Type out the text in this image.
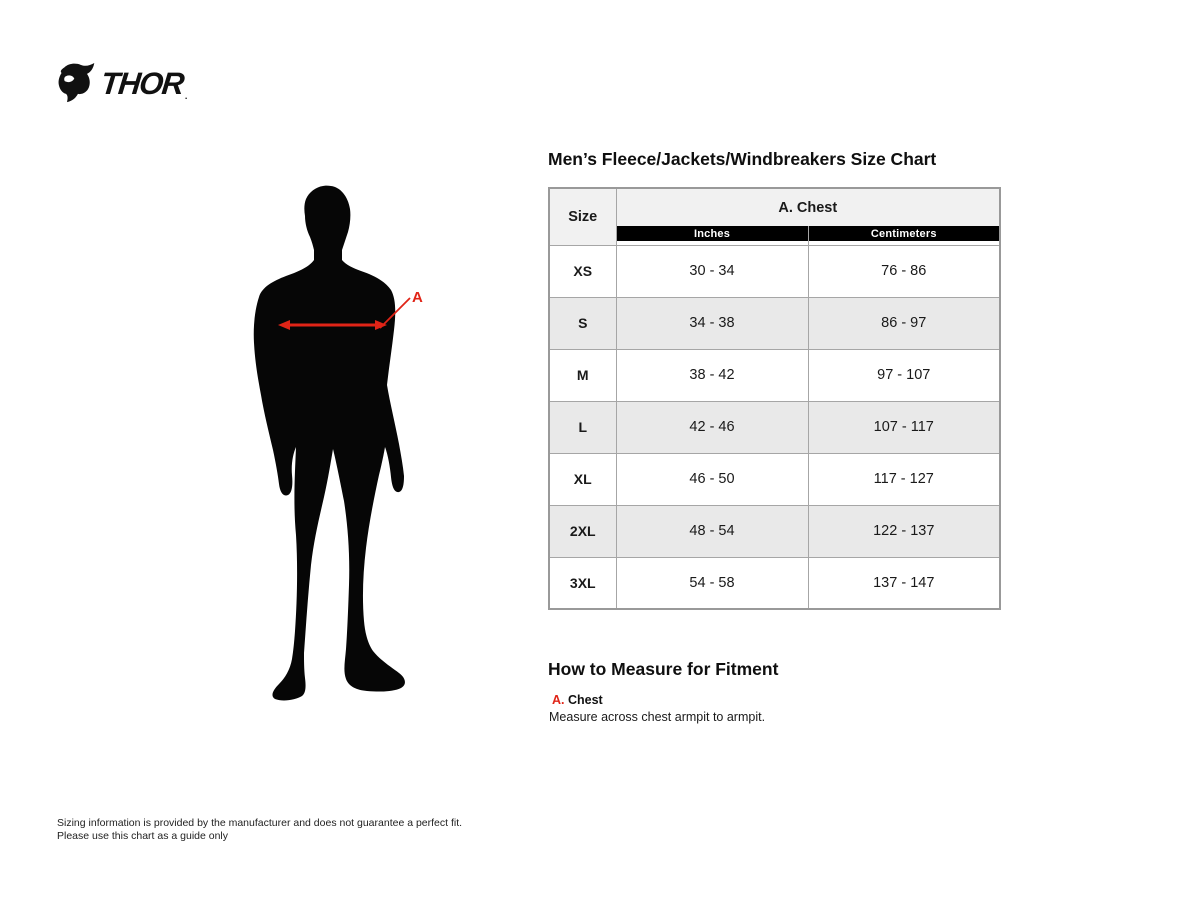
THOR .
A
Men’s Fleece/Jackets/Windbreakers Size Chart
Size	A. Chest	

Inches	Centimeters

XS	30 - 34	76 - 86
S	34 - 38	86 - 97
M	38 - 42	97 - 107
L	42 - 46	107 - 117
XL	46 - 50	117 - 127
2XL	48 - 54	122 - 137
3XL	54 - 58	137 - 147
How to Measure for Fitment
A. Chest
Measure across chest armpit to armpit.
Sizing information is provided by the manufacturer and does not guarantee a perfect fit.
Please use this chart as a guide only
